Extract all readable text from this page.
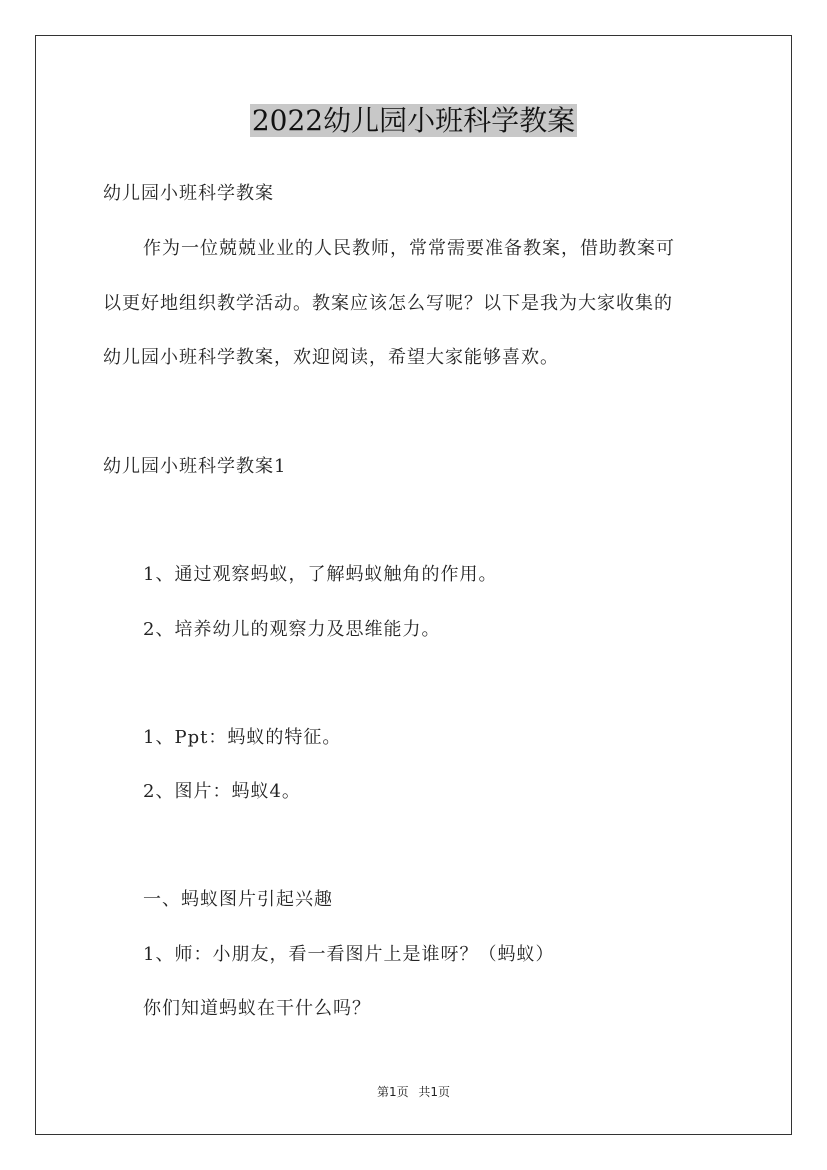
2022幼儿园小班科学教案
幼儿园小班科学教案
作为一位兢兢业业的人民教师，常常需要准备教案，借助教案可
以更好地组织教学活动。教案应该怎么写呢？以下是我为大家收集的
幼儿园小班科学教案，欢迎阅读，希望大家能够喜欢。
幼儿园小班科学教案1
1、通过观察蚂蚁，了解蚂蚁触角的作用。
2、培养幼儿的观察力及思维能力。
1、Ppt：蚂蚁的特征。
2、图片：蚂蚁4。
一、蚂蚁图片引起兴趣
1、师：小朋友，看一看图片上是谁呀？（蚂蚁）
你们知道蚂蚁在干什么吗？
第1页 共1页
